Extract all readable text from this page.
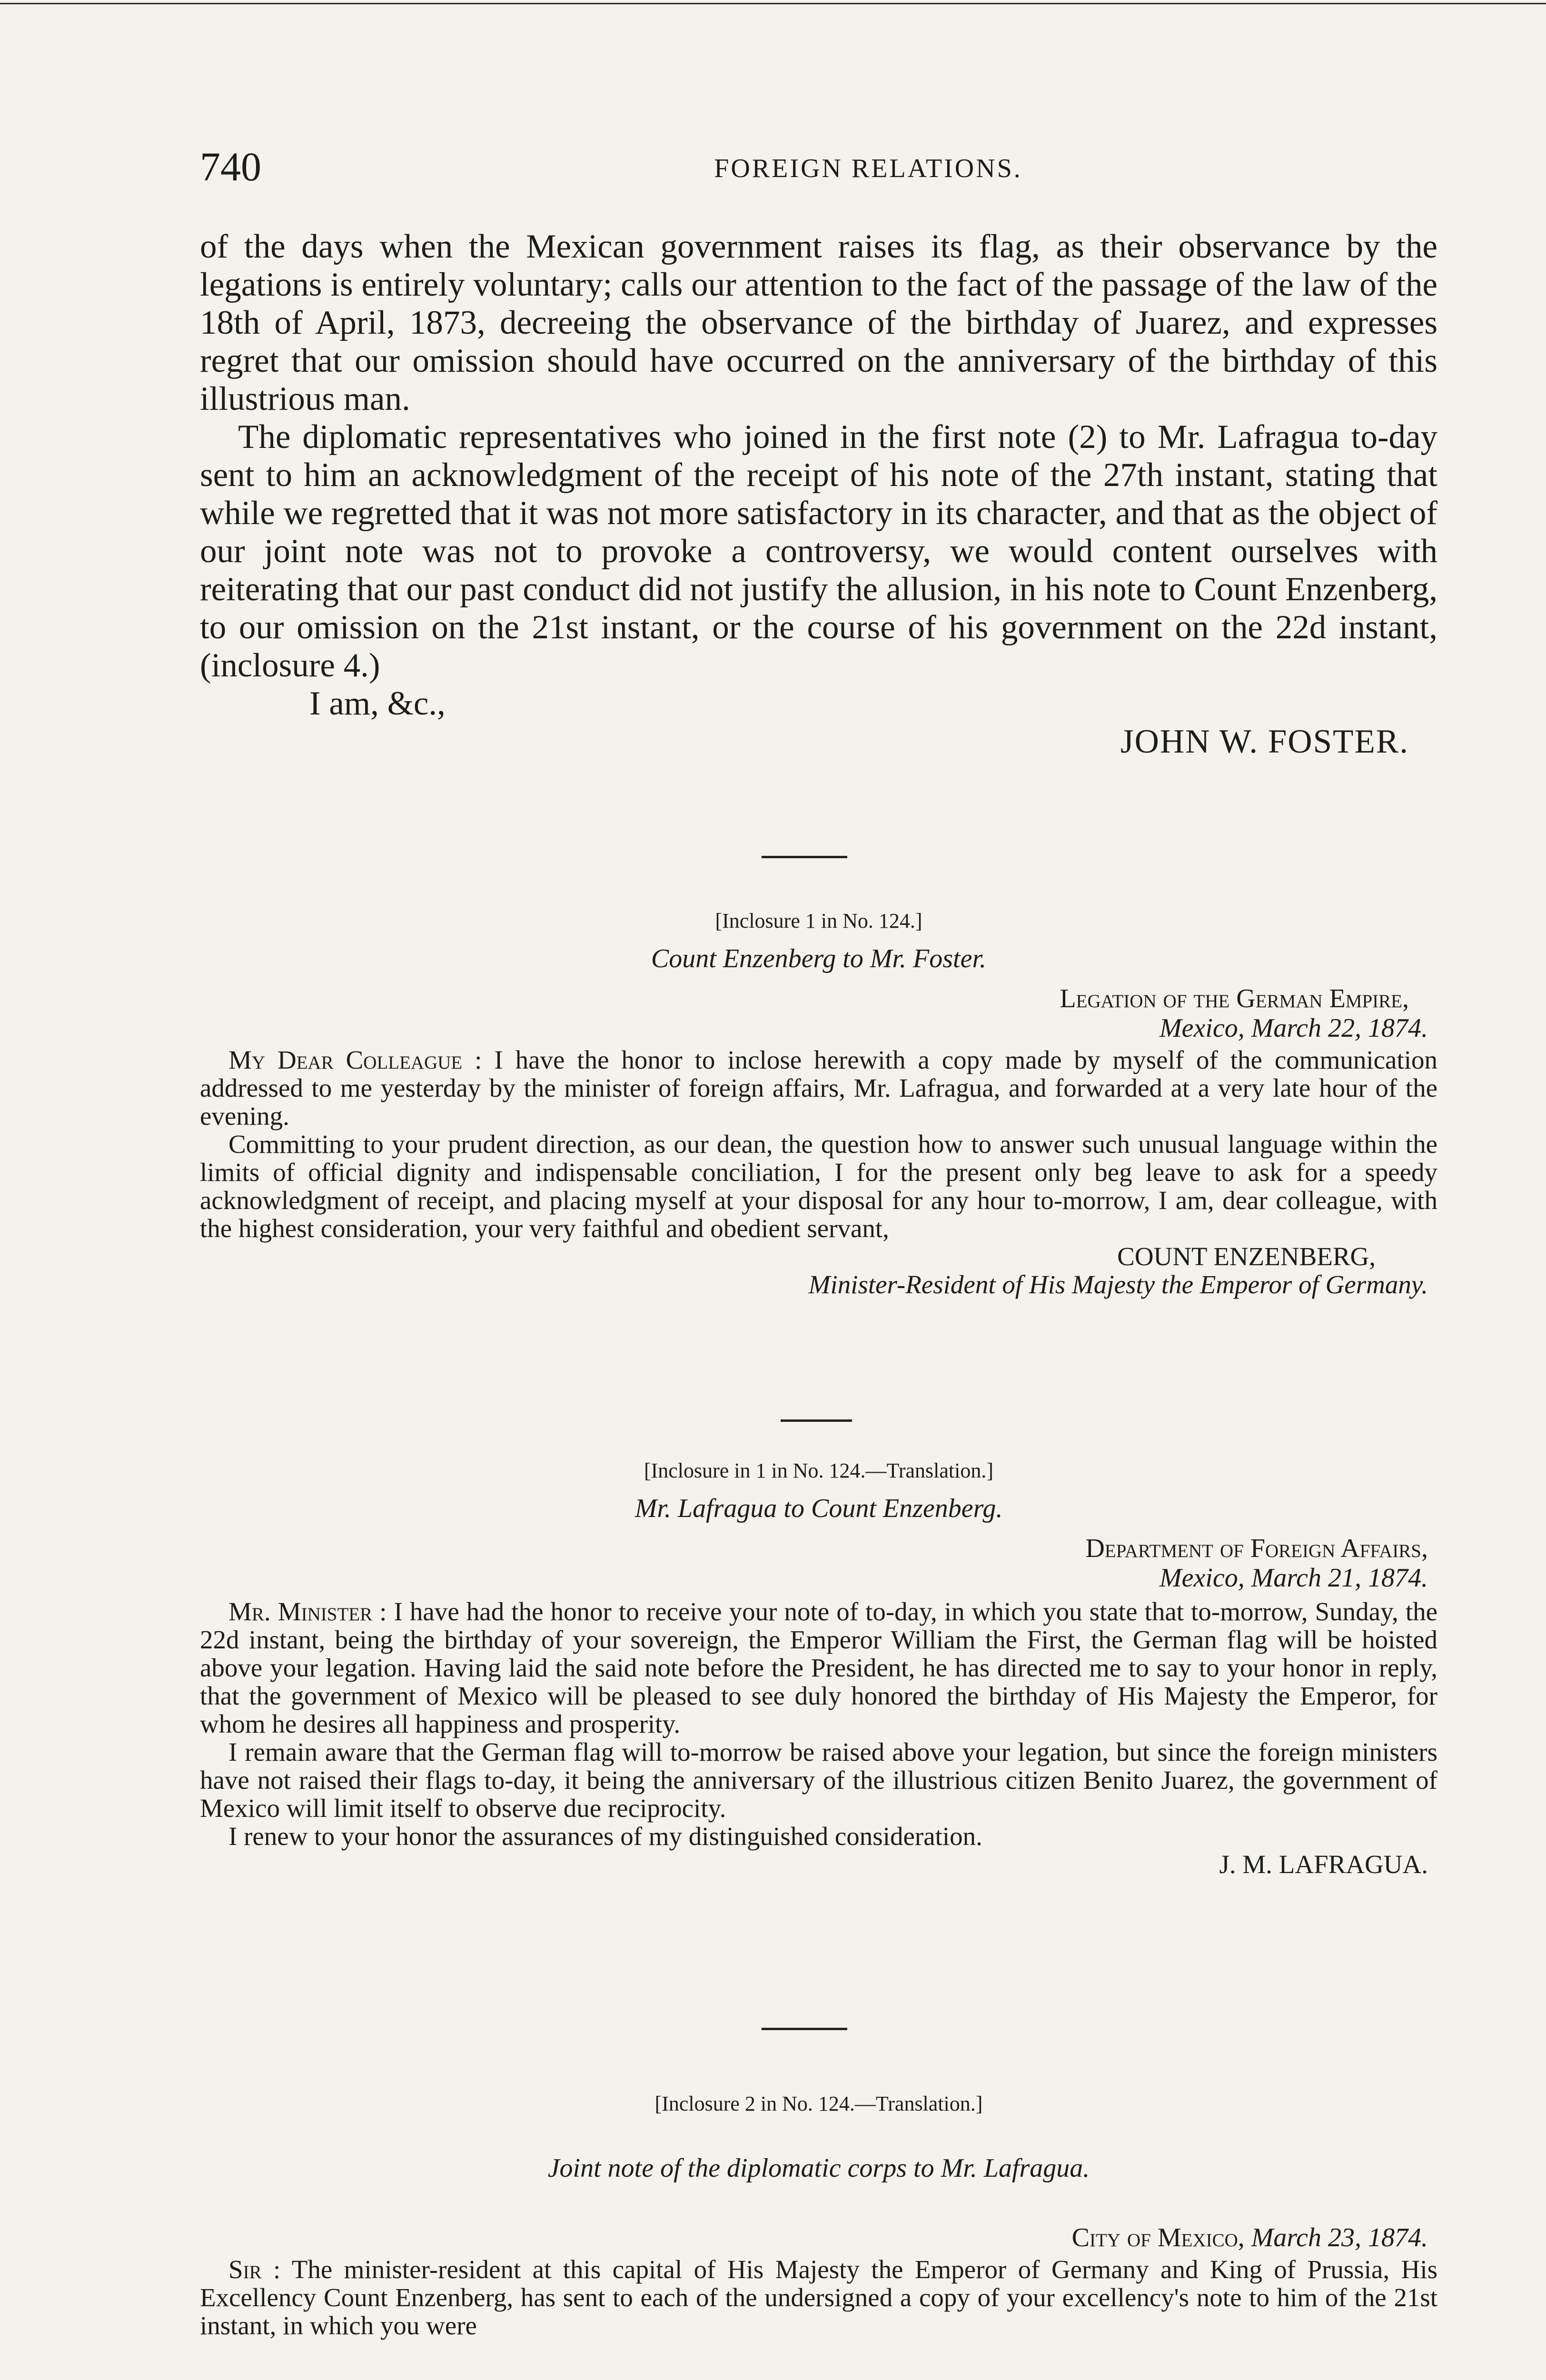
740	FOREIGN RELATIONS.

of the days when the Mexican government raises its flag, as their observance by the legations is entirely voluntary; calls our attention to the fact of the passage of the law of the 18th of April, 1873, decreeing the observance of the birthday of Juarez, and expresses regret that our omission should have occurred on the anniversary of the birthday of this illustrious man.

The diplomatic representatives who joined in the first note (2) to Mr. Lafragua to-day sent to him an acknowledgment of the receipt of his note of the 27th instant, stating that while we regretted that it was not more satisfactory in its character, and that as the object of our joint note was not to provoke a controversy, we would content ourselves with reiterating that our past conduct did not justify the allusion, in his note to Count Enzenberg, to our omission on the 21st instant, or the course of his government on the 22d instant, (inclosure 4.)

I am, &c.,
JOHN W. FOSTER.
[Inclosure 1 in No. 124.]
Count Enzenberg to Mr. Foster.
Legation of the German Empire,
Mexico, March 22, 1874.

My Dear Colleague : I have the honor to inclose herewith a copy made by myself of the communication addressed to me yesterday by the minister of foreign affairs, Mr. Lafragua, and forwarded at a very late hour of the evening.

Committing to your prudent direction, as our dean, the question how to answer such unusual language within the limits of official dignity and indispensable conciliation, I for the present only beg leave to ask for a speedy acknowledgment of receipt, and placing myself at your disposal for any hour to-morrow, I am, dear colleague, with the highest consideration, your very faithful and obedient servant,

COUNT ENZENBERG,
Minister-Resident of His Majesty the Emperor of Germany.
[Inclosure in 1 in No. 124.—Translation.]
Mr. Lafragua to Count Enzenberg.
Department of Foreign Affairs,
Mexico, March 21, 1874.

Mr. Minister : I have had the honor to receive your note of to-day, in which you state that to-morrow, Sunday, the 22d instant, being the birthday of your sovereign, the Emperor William the First, the German flag will be hoisted above your legation. Having laid the said note before the President, he has directed me to say to your honor in reply, that the government of Mexico will be pleased to see duly honored the birthday of His Majesty the Emperor, for whom he desires all happiness and prosperity.

I remain aware that the German flag will to-morrow be raised above your legation, but since the foreign ministers have not raised their flags to-day, it being the anniversary of the illustrious citizen Benito Juarez, the government of Mexico will limit itself to observe due reciprocity.

I renew to your honor the assurances of my distinguished consideration.

J. M. LAFRAGUA.
[Inclosure 2 in No. 124.—Translation.]
Joint note of the diplomatic corps to Mr. Lafragua.
City of Mexico, March 23, 1874.

Sir : The minister-resident at this capital of His Majesty the Emperor of Germany and King of Prussia, His Excellency Count Enzenberg, has sent to each of the undersigned a copy of your excellency's note to him of the 21st instant, in which you were
